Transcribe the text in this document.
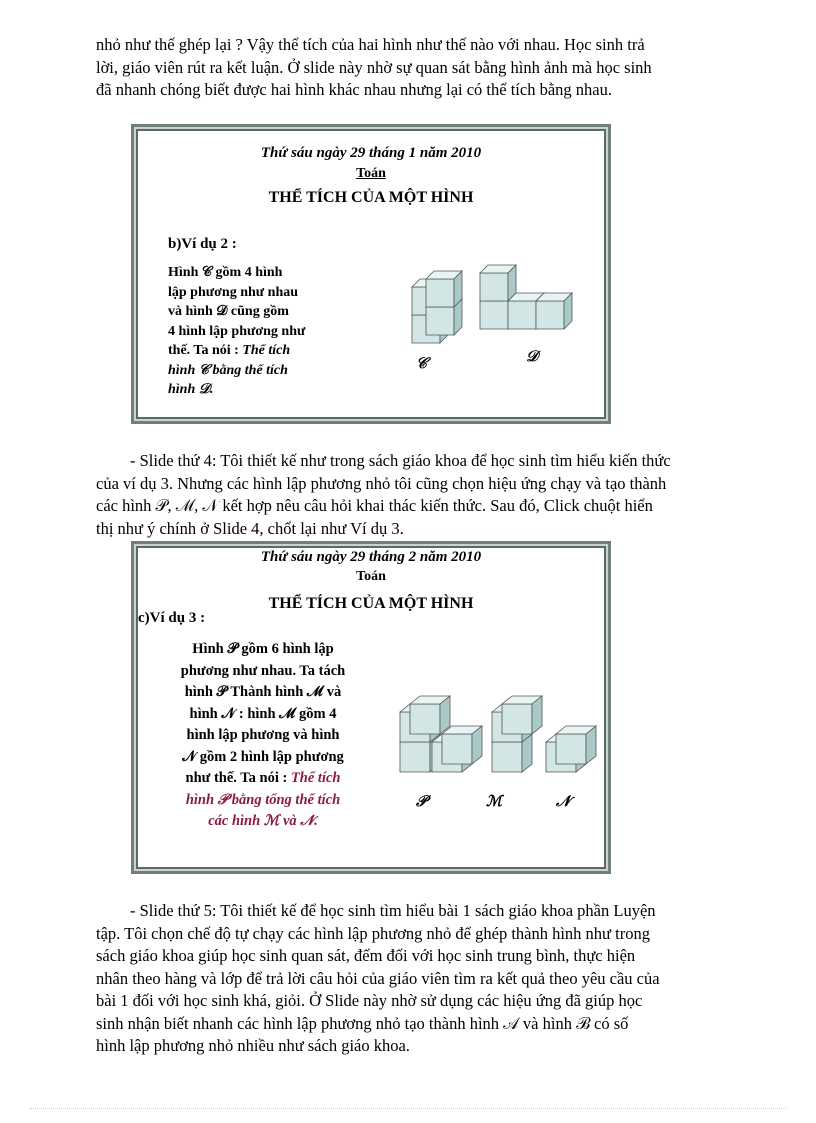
nhỏ như thế ghép lại ? Vậy thể tích của hai hình như thế nào với nhau. Học sinh trả
lời, giáo viên rút ra kết luận. Ở slide này nhờ sự quan sát bằng hình ảnh mà học sinh
đã nhanh chóng biết được hai hình khác nhau nhưng lại có thể tích bằng nhau.

Thứ sáu ngày 29 tháng 1 năm 2010
Toán
THỂ TÍCH CỦA MỘT HÌNH
b)Ví dụ 2 :
Hình 𝒞 gồm 4 hình
lập phương như nhau
và hình 𝒟 cũng gồm
4 hình lập phương như
thế. Ta nói : Thể tích
hình 𝒞 bằng thể tích
hình 𝒟.
𝒞	𝒟

- Slide thứ 4: Tôi thiết kế như trong sách giáo khoa để học sinh tìm hiểu kiến thức
của ví dụ 3. Nhưng các hình lập phương nhỏ tôi cũng chọn hiệu ứng chạy và tạo thành
các hình 𝒫, ℳ, 𝒩 kết hợp nêu câu hỏi khai thác kiến thức. Sau đó, Click chuột hiển
thị như ý chính ở Slide 4, chốt lại như Ví dụ 3.

Thứ sáu ngày 29 tháng 2 năm 2010
Toán
THỂ TÍCH CỦA MỘT HÌNH
c)Ví dụ 3 :
Hình 𝒫 gồm 6 hình lập
phương như nhau. Ta tách
hình 𝒫 Thành hình ℳ và
hình 𝒩 : hình ℳ gồm 4
hình lập phương và hình
𝒩 gồm 2 hình lập phương
như thế. Ta nói : Thể tích
hình 𝒫 bằng tổng thể tích
các hình ℳ và 𝒩.
𝒫	ℳ	𝒩

- Slide thứ 5: Tôi thiết kế để học sinh tìm hiểu bài 1 sách giáo khoa phần Luyện
tập. Tôi chọn chế độ tự chạy các hình lập phương nhỏ để ghép thành hình như trong
sách giáo khoa giúp học sinh quan sát, đếm đối với học sinh trung bình, thực hiện
nhân theo hàng và lớp để trả lời câu hỏi của giáo viên tìm ra kết quả theo yêu cầu của
bài 1 đối với học sinh khá, giỏi. Ở Slide này nhờ sử dụng các hiệu ứng đã giúp học
sinh nhận biết nhanh các hình lập phương nhỏ tạo thành hình 𝒜 và hình ℬ có số
hình lập phương nhỏ nhiều như sách giáo khoa.
